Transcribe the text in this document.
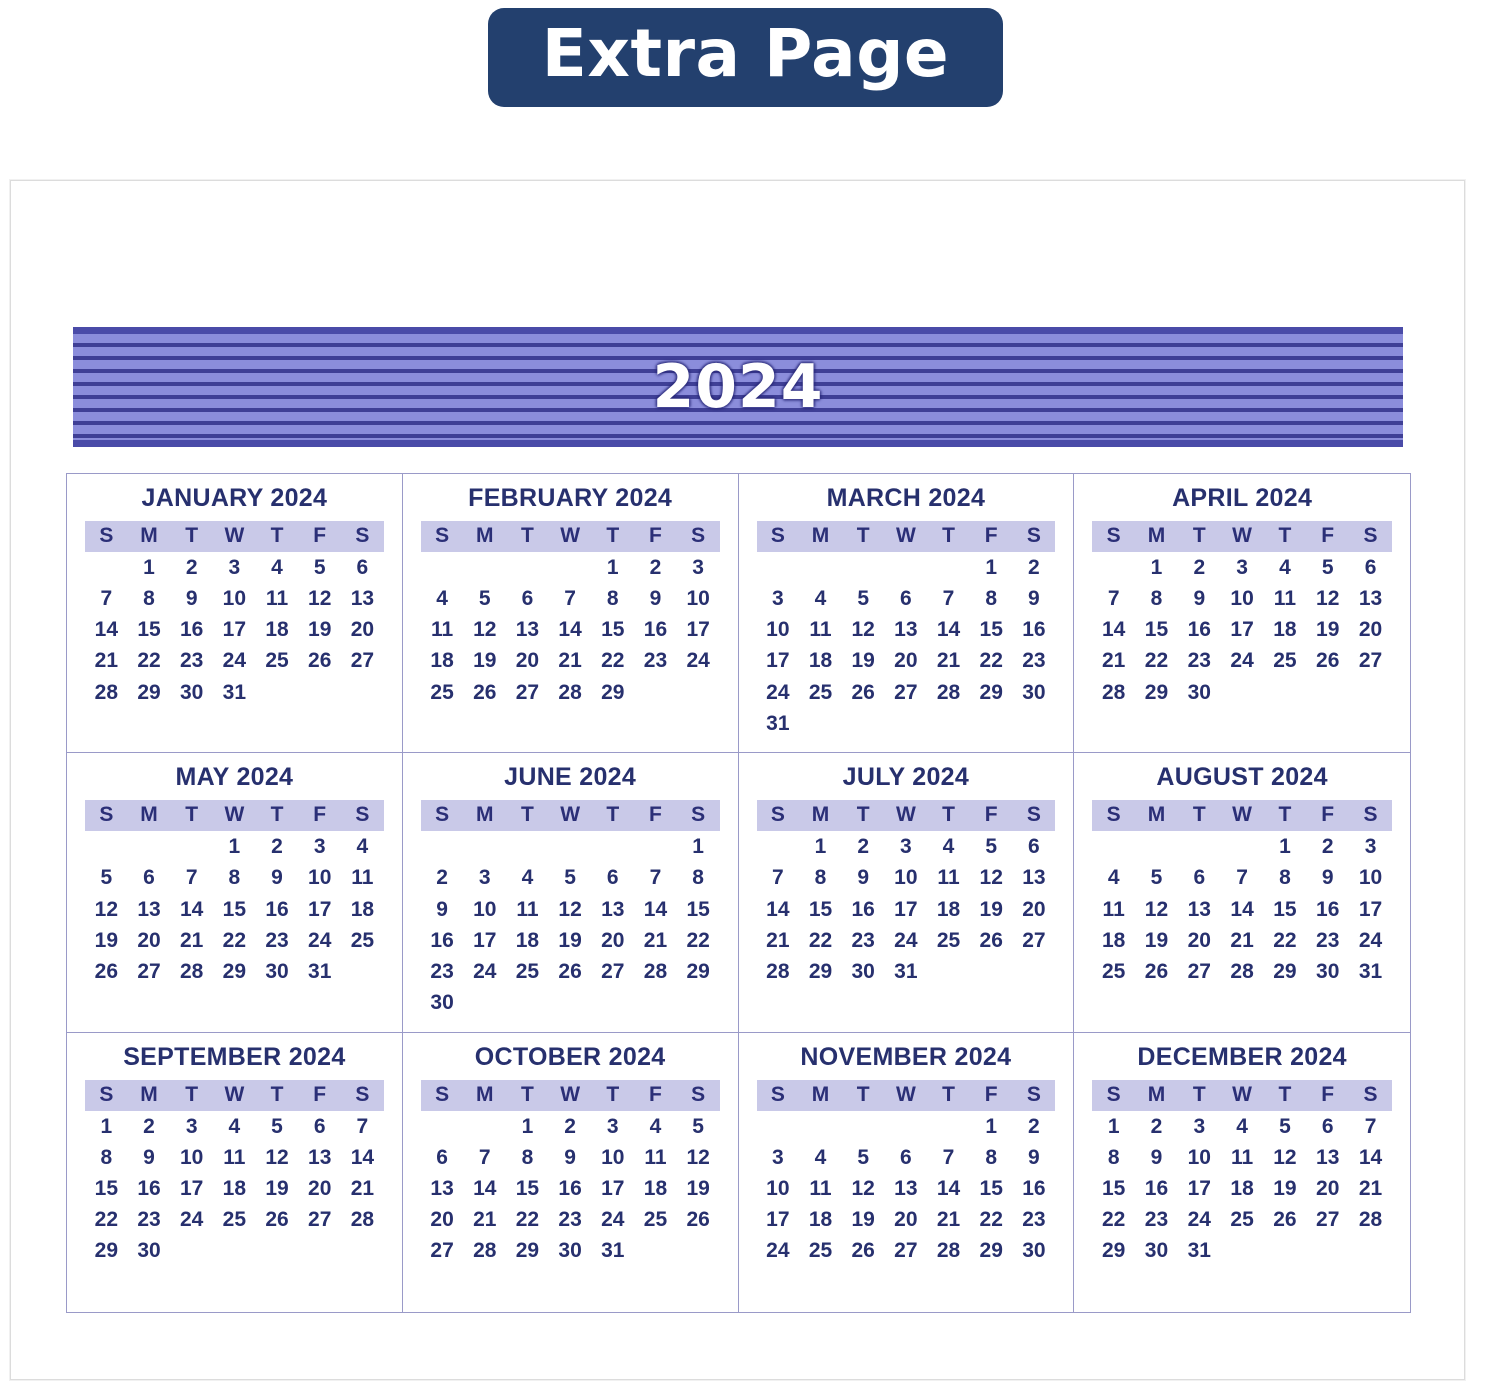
Extra Page
2024
JANUARY 2024
S	M	T	W	T	F	S
	1	2	3	4	5	6
7	8	9	10	11	12	13
14	15	16	17	18	19	20
21	22	23	24	25	26	27
28	29	30	31			
FEBRUARY 2024
S	M	T	W	T	F	S
				1	2	3
4	5	6	7	8	9	10
11	12	13	14	15	16	17
18	19	20	21	22	23	24
25	26	27	28	29		
MARCH 2024
S	M	T	W	T	F	S
					1	2
3	4	5	6	7	8	9
10	11	12	13	14	15	16
17	18	19	20	21	22	23
24	25	26	27	28	29	30
31						
APRIL 2024
S	M	T	W	T	F	S
	1	2	3	4	5	6
7	8	9	10	11	12	13
14	15	16	17	18	19	20
21	22	23	24	25	26	27
28	29	30				
MAY 2024
S	M	T	W	T	F	S
			1	2	3	4
5	6	7	8	9	10	11
12	13	14	15	16	17	18
19	20	21	22	23	24	25
26	27	28	29	30	31	
JUNE 2024
S	M	T	W	T	F	S
						1
2	3	4	5	6	7	8
9	10	11	12	13	14	15
16	17	18	19	20	21	22
23	24	25	26	27	28	29
30						
JULY 2024
S	M	T	W	T	F	S
	1	2	3	4	5	6
7	8	9	10	11	12	13
14	15	16	17	18	19	20
21	22	23	24	25	26	27
28	29	30	31			
AUGUST 2024
S	M	T	W	T	F	S
				1	2	3
4	5	6	7	8	9	10
11	12	13	14	15	16	17
18	19	20	21	22	23	24
25	26	27	28	29	30	31
SEPTEMBER 2024
S	M	T	W	T	F	S
1	2	3	4	5	6	7
8	9	10	11	12	13	14
15	16	17	18	19	20	21
22	23	24	25	26	27	28
29	30					
OCTOBER 2024
S	M	T	W	T	F	S
		1	2	3	4	5
6	7	8	9	10	11	12
13	14	15	16	17	18	19
20	21	22	23	24	25	26
27	28	29	30	31		
NOVEMBER 2024
S	M	T	W	T	F	S
					1	2
3	4	5	6	7	8	9
10	11	12	13	14	15	16
17	18	19	20	21	22	23
24	25	26	27	28	29	30
DECEMBER 2024
S	M	T	W	T	F	S
1	2	3	4	5	6	7
8	9	10	11	12	13	14
15	16	17	18	19	20	21
22	23	24	25	26	27	28
29	30	31				
